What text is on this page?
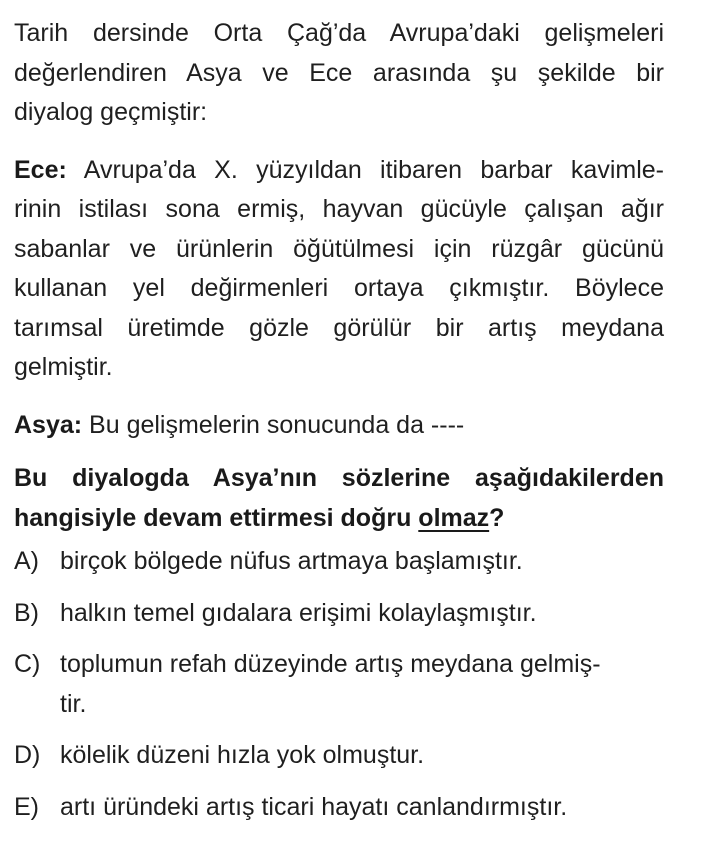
Tarih dersinde Orta Çağ’da Avrupa’daki gelişmeleri
değerlendiren Asya ve Ece arasında şu şekilde bir
diyalog geçmiştir:
Ece: Avrupa’da X. yüzyıldan itibaren barbar kavimle-
rinin istilası sona ermiş, hayvan gücüyle çalışan ağır
sabanlar ve ürünlerin öğütülmesi için rüzgâr gücünü
kullanan yel değirmenleri ortaya çıkmıştır. Böylece
tarımsal üretimde gözle görülür bir artış meydana
gelmiştir.
Asya: Bu gelişmelerin sonucunda da ----
Bu diyalogda Asya’nın sözlerine aşağıdakilerden
hangisiyle devam ettirmesi doğru olmaz?
A) birçok bölgede nüfus artmaya başlamıştır.
B) halkın temel gıdalara erişimi kolaylaşmıştır.
C) toplumun refah düzeyinde artış meydana gelmiş-
tir.
D) kölelik düzeni hızla yok olmuştur.
E) artı üründeki artış ticari hayatı canlandırmıştır.
